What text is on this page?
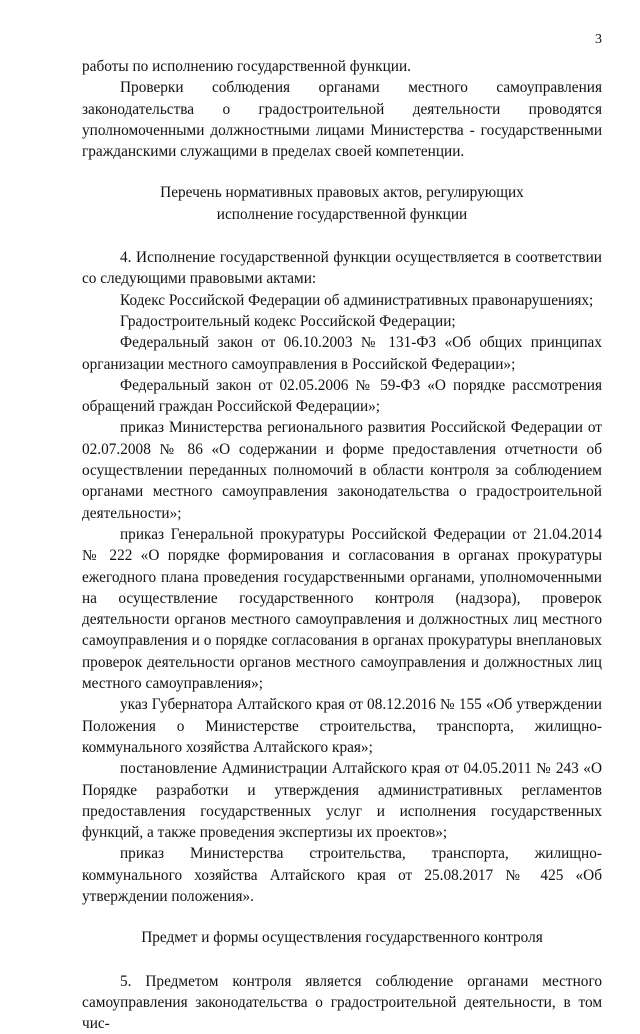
3

работы по исполнению государственной функции.

Проверки соблюдения органами местного самоуправления законодательства о градостроительной деятельности проводятся уполномоченными должностными лицами Министерства - государственными гражданскими служащими в пределах своей компетенции.

Перечень нормативных правовых актов, регулирующих

исполнение государственной функции

4. Исполнение государственной функции осуществляется в соответствии со следующими правовыми актами:

Кодекс Российской Федерации об административных правонарушениях;

Градостроительный кодекс Российской Федерации;

Федеральный закон от 06.10.2003 № 131-ФЗ «Об общих принципах организации местного самоуправления в Российской Федерации»;

Федеральный закон от 02.05.2006 № 59-ФЗ «О порядке рассмотрения обращений граждан Российской Федерации»;

приказ Министерства регионального развития Российской Федерации от 02.07.2008 № 86 «О содержании и форме предоставления отчетности об осуществлении переданных полномочий в области контроля за соблюдением органами местного самоуправления законодательства о градостроительной деятельности»;

приказ Генеральной прокуратуры Российской Федерации от 21.04.2014 № 222 «О порядке формирования и согласования в органах прокуратуры ежегодного плана проведения государственными органами, уполномоченными на осуществление государственного контроля (надзора), проверок деятельности органов местного самоуправления и должностных лиц местного самоуправления и о порядке согласования в органах прокуратуры внеплановых проверок деятельности органов местного самоуправления и должностных лиц местного самоуправления»;

указ Губернатора Алтайского края от 08.12.2016 № 155 «Об утверждении Положения о Министерстве строительства, транспорта, жилищно-коммунального хозяйства Алтайского края»;

постановление Администрации Алтайского края от 04.05.2011 № 243 «О Порядке разработки и утверждения административных регламентов предоставления государственных услуг и исполнения государственных функций, а также проведения экспертизы их проектов»;

приказ Министерства строительства, транспорта, жилищно-коммунального хозяйства Алтайского края от 25.08.2017 № 425 «Об утверждении положения».

Предмет и формы осуществления государственного контроля

5. Предметом контроля является соблюдение органами местного самоуправления законодательства о градостроительной деятельности, в том чис-
